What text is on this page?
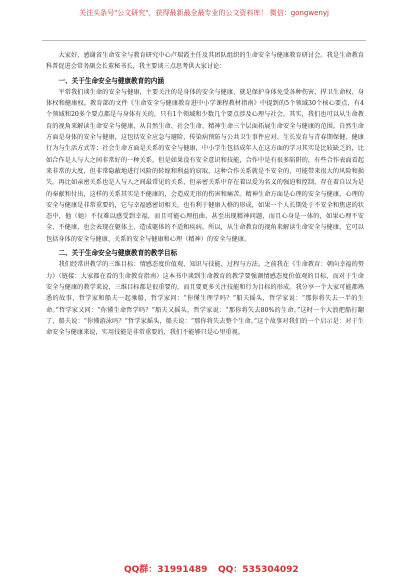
关注头条号"公文研究"，获得最新最全最专业的公文资料库！ 微信：gongwenyj

大家好，感谢省生命安全与教育研究中心卢瑞霞主任及其团队组织的生命安全与健康教育研讨会。我是生命教育科普促进会常务副会长董秘书长，我主要谈三点思考供大家讨论：

一、关于生命安全与健康教育的内涵

平常我们谈生命的安全与健康，主要关注的是身体的安全与健康，就是保护身体免受各种伤害，捍卫生命权、身体权和健康权。教育部的文件《生命安全与健康教育进中小学课程教材指南》中提到的5个领域30个核心要点，有4个领域和20多个要点都是与身体有关的，只有1个领域和少数几个要点涉及心理与社会。其实，我们也可以从生命教育的视角来解读生命安全与健康，从自然生命、社会生命、精神生命三个层面拓展生命安全与健康的范围。自然生命方面是身体的安全与健康，这包括安全应急与避险、传染病预防与公共卫生事件应对、生长发育与青春期保健、健康行为与生活方式等；社会生命方面是关系的安全与健康，中小学生包括成年人在这方面的学习其实是比较缺乏的，比如合作是人与人之间非常好的一种关系，但是如果没有安全意识和技能，合作中是有很多陷阱的，有些合作表面看起来非常的大度，但非常隐蔽地进行风险的转嫁和利益的窃取，这种合作关系就是不安全的，可能带来很大的风险和损失。再比如亲密关系也是人与人之间最常见的关系，但亲密关系中存在着以爱为名义的强迫和控制，存在着自以为是的奉献和付出，这样的关系其实是不健康的，会造成无形的伤害和痛苦。精神生命方面是心理的安全与健康，心理的安全与健康是非常重要的，它与幸福感密切相关，也有利于健康人格的形成，如果一个人长期处于不安全和焦虑的状态中，他（她）不仅难以感受到幸福，而且可能心理扭曲，甚至出现精神问题，而且心身是一体的，如果心理不安全、不健康，也会表现在躯体上，造成躯体的不适和疾病。所以，从生命教育的视角来解读生命安全与健康，它可以包括身体的安全与健康、关系的安全与健康和心理（精神）的安全与健康。

二、关于生命安全与健康教育的教学目标

我们经常讲教学的三维目标：情感态度价值观、知识与技能、过程与方法。之前我在《生命教育：朝向幸福的努力》（链接：大家都在看的生命教育指南）这本书中谈到生命教育的教学要强调情感态度价值观的目标，而对于生命安全与健康的教学来说，三维目标都是很重要的，而且要更多关注技能和行为目标的形成。我分享一个大家可能都熟悉的故事，哲学家和船夫一起乘船，哲学家问：“你懂生理学吗？”船夫摇头，哲学家说：“那你将失去一半的生命。”哲学家又问：“你懂生命哲学吗？”船夫又摇头，哲学家说：“那你将失去80%的生命。”这时一个大浪把船打翻了，船夫说：“你懂游泳吗？”哲学家摇头，船夫说：“那你将失去整个生命。”这个故事对我们的一个启示是：对于生命安全与健康来说，实用技能是非常重要的，我们不能够只是心里重视。

QQ群：31991489 QQ：535304092
